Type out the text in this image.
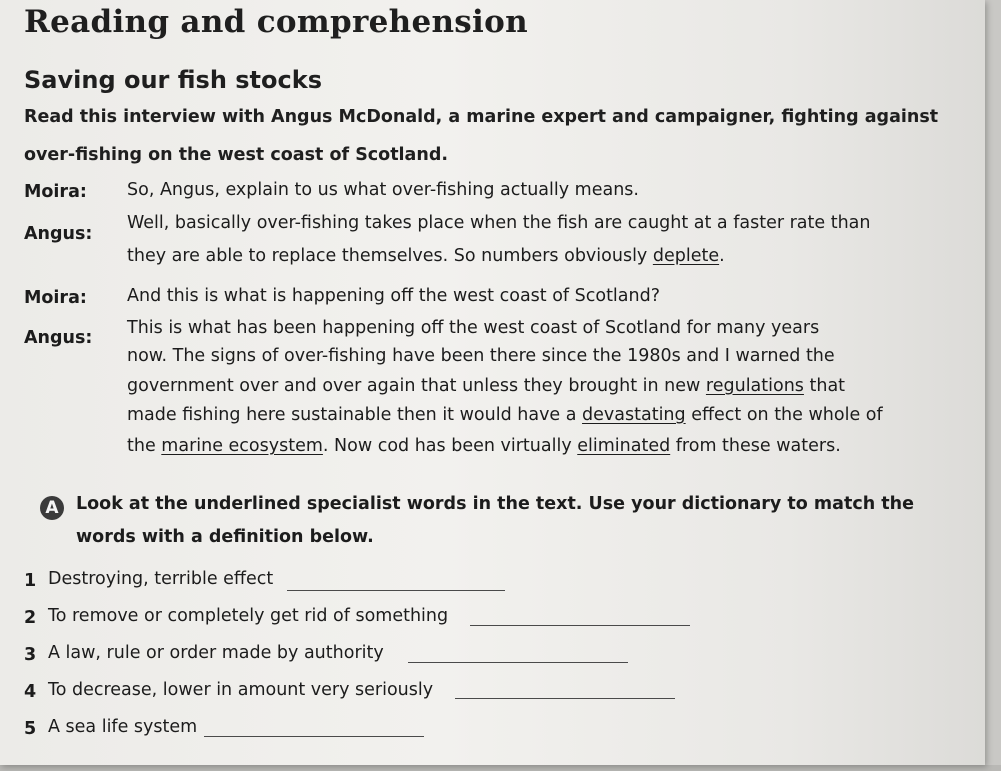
Reading and comprehension
Saving our fish stocks
Read this interview with Angus McDonald, a marine expert and campaigner, fighting against
over-fishing on the west coast of Scotland.
Moira: So, Angus, explain to us what over-fishing actually means.
Angus:
Well, basically over-fishing takes place when the fish are caught at a faster rate than
they are able to replace themselves. So numbers obviously deplete.
Moira: And this is what is happening off the west coast of Scotland?
Angus: This is what has been happening off the west coast of Scotland for many years
now. The signs of over-fishing have been there since the 1980s and I warned the
government over and over again that unless they brought in new regulations that
made fishing here sustainable then it would have a devastating effect on the whole of
the marine ecosystem. Now cod has been virtually eliminated from these waters.
A Look at the underlined specialist words in the text. Use your dictionary to match the
words with a definition below.
1 Destroying, terrible effect
2 To remove or completely get rid of something
3 A law, rule or order made by authority
4 To decrease, lower in amount very seriously
5 A sea life system
